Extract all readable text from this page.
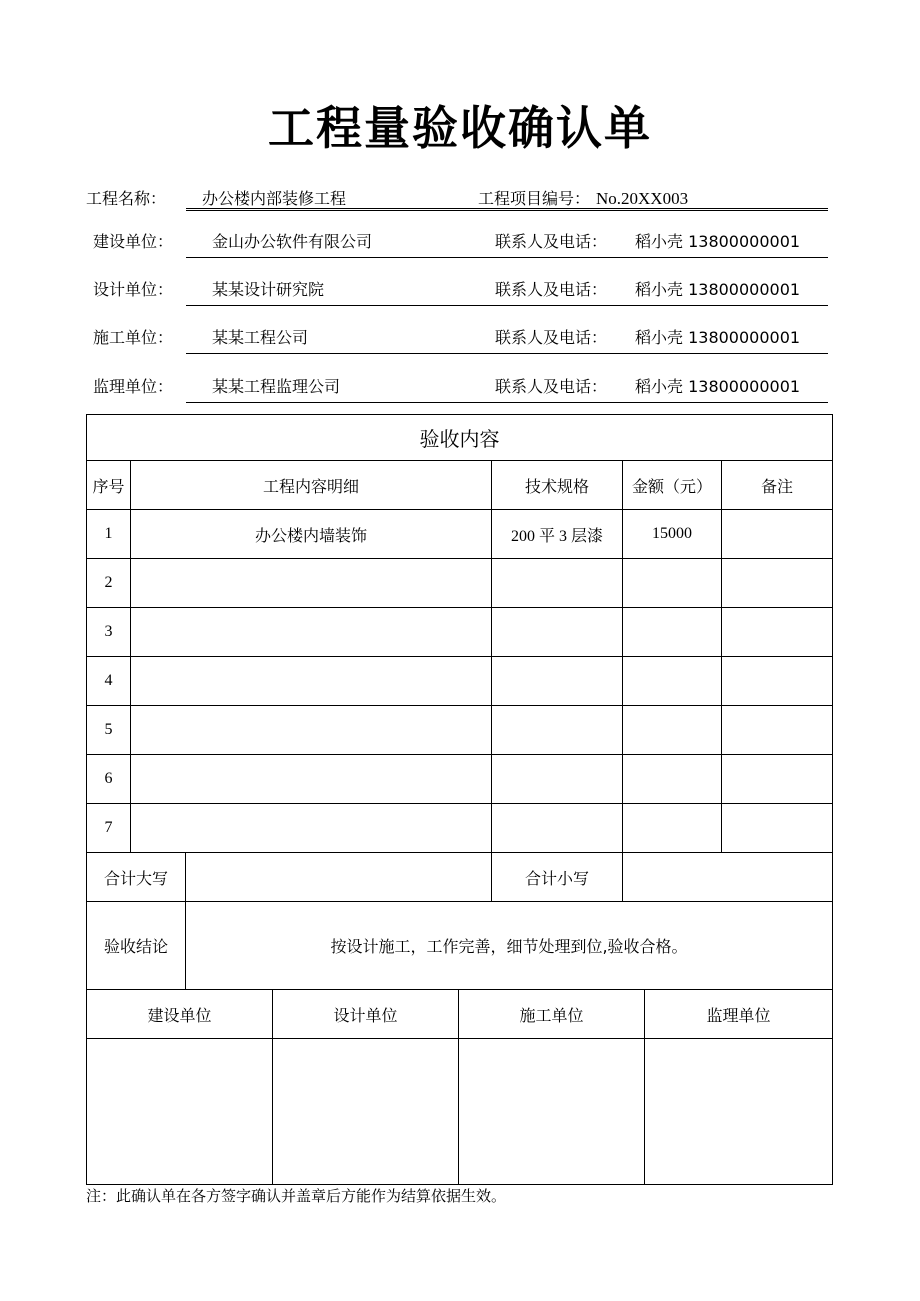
工程量验收确认单
工程名称： 办公楼内部装修工程	工程项目编号： No.20XX003
建设单位： 金山办公软件有限公司	联系人及电话： 稻小壳 13800000001
设计单位： 某某设计研究院	联系人及电话： 稻小壳 13800000001
施工单位： 某某工程公司	联系人及电话： 稻小壳 13800000001
监理单位： 某某工程监理公司	联系人及电话： 稻小壳 13800000001
验收内容					
序号	工程内容明细		技术规格	金额（元）	备注
1	办公楼内墙装饰		200 平 3 层漆	15000	
2					
3					
4					
5					
6					
7					
合计大写			合计小写		
验收结论		按设计施工，工作完善，细节处理到位,验收合格。			
建设单位	设计单位	施工单位	监理单位

注：此确认单在各方签字确认并盖章后方能作为结算依据生效。
